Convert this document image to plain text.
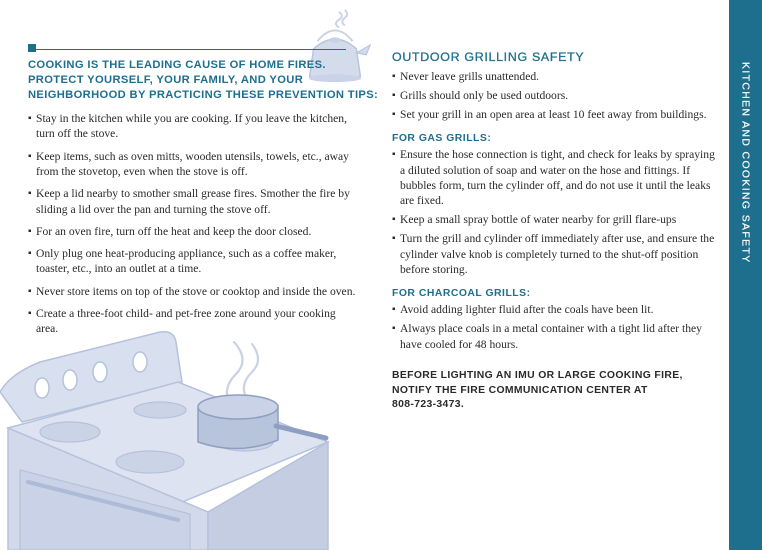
COOKING IS THE LEADING CAUSE OF HOME FIRES.
PROTECT YOURSELF, YOUR FAMILY, AND YOUR
NEIGHBORHOOD BY PRACTICING THESE PREVENTION TIPS:
▪ Stay in the kitchen while you are cooking. If you leave the kitchen, turn off the stove.
▪ Keep items, such as oven mitts, wooden utensils, towels, etc., away from the stovetop, even when the stove is off.
▪ Keep a lid nearby to smother small grease fires. Smother the fire by sliding a lid over the pan and turning the stove off.
▪ For an oven fire, turn off the heat and keep the door closed.
▪ Only plug one heat-producing appliance, such as a coffee maker, toaster, etc., into an outlet at a time.
▪ Never store items on top of the stove or cooktop and inside the oven.
▪ Create a three-foot child- and pet-free zone around your cooking area.
OUTDOOR GRILLING SAFETY
▪ Never leave grills unattended.
▪ Grills should only be used outdoors.
▪ Set your grill in an open area at least 10 feet away from buildings.
FOR GAS GRILLS:
▪ Ensure the hose connection is tight, and check for leaks by spraying a diluted solution of soap and water on the hose and fittings. If bubbles form, turn the cylinder off, and do not use it until the leaks are fixed.
▪ Keep a small spray bottle of water nearby for grill flare-ups
▪ Turn the grill and cylinder off immediately after use, and ensure the cylinder valve knob is completely turned to the shut-off position before storing.
FOR CHARCOAL GRILLS:
▪ Avoid adding lighter fluid after the coals have been lit.
▪ Always place coals in a metal container with a tight lid after they have cooled for 48 hours.
BEFORE LIGHTING AN IMU OR LARGE COOKING FIRE,
NOTIFY THE FIRE COMMUNICATION CENTER AT
808-723-3473.
KITCHEN AND COOKING SAFETY
